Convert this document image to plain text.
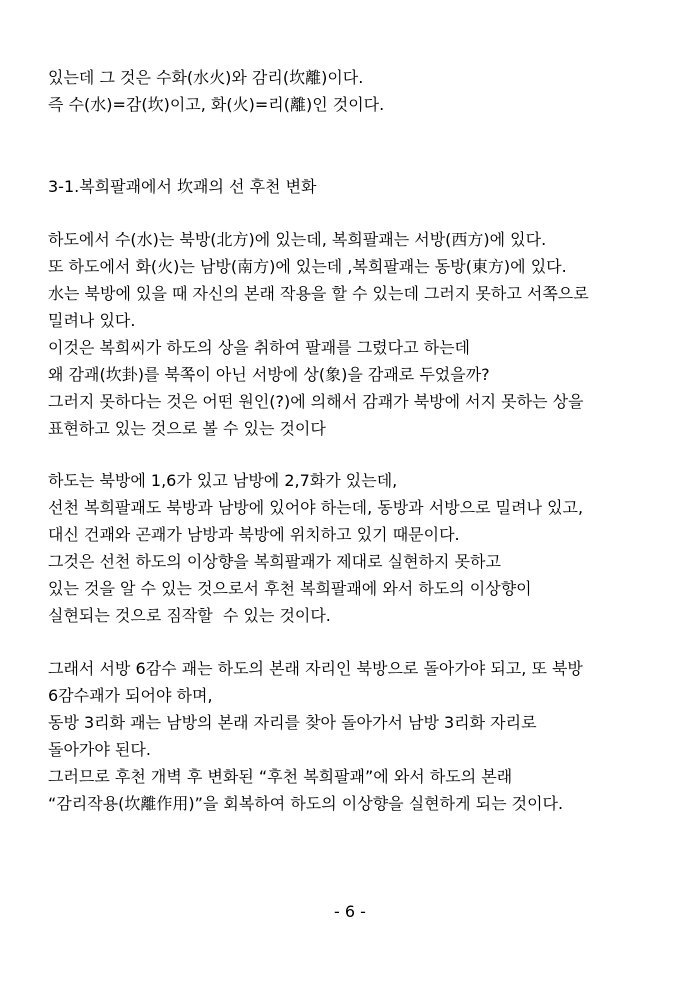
있는데 그 것은 수화(水火)와 감리(坎離)이다.
즉 수(水)=감(坎)이고, 화(火)=리(離)인 것이다.
3-1.복희팔괘에서 坎괘의 선 후천 변화
하도에서 수(水)는 북방(北方)에 있는데, 복희팔괘는 서방(西方)에 있다.
또 하도에서 화(火)는 남방(南方)에 있는데 ,복희팔괘는 동방(東方)에 있다.
水는 북방에 있을 때 자신의 본래 작용을 할 수 있는데 그러지 못하고 서쪽으로
밀려나 있다.
이것은 복희씨가 하도의 상을 취하여 팔괘를 그렸다고 하는데
왜 감괘(坎卦)를 북쪽이 아닌 서방에 상(象)을 감괘로 두었을까?
그러지 못하다는 것은 어떤 원인(?)에 의해서 감괘가 북방에 서지 못하는 상을
표현하고 있는 것으로 볼 수 있는 것이다
하도는 북방에 1,6가 있고 남방에 2,7화가 있는데,
선천 복희팔괘도 북방과 남방에 있어야 하는데, 동방과 서방으로 밀려나 있고,
대신 건괘와 곤괘가 남방과 북방에 위치하고 있기 때문이다.
그것은 선천 하도의 이상향을 복희팔괘가 제대로 실현하지 못하고
있는 것을 알 수 있는 것으로서 후천 복희팔괘에 와서 하도의 이상향이
실현되는 것으로 짐작할  수 있는 것이다.
그래서 서방 6감수 괘는 하도의 본래 자리인 북방으로 돌아가야 되고, 또 북방
6감수괘가 되어야 하며,
동방 3리화 괘는 남방의 본래 자리를 찾아 돌아가서 남방 3리화 자리로
돌아가야 된다.
그러므로 후천 개벽 후 변화된 “후천 복희팔괘”에 와서 하도의 본래
“감리작용(坎離作用)”을 회복하여 하도의 이상향을 실현하게 되는 것이다.
- 6 -
